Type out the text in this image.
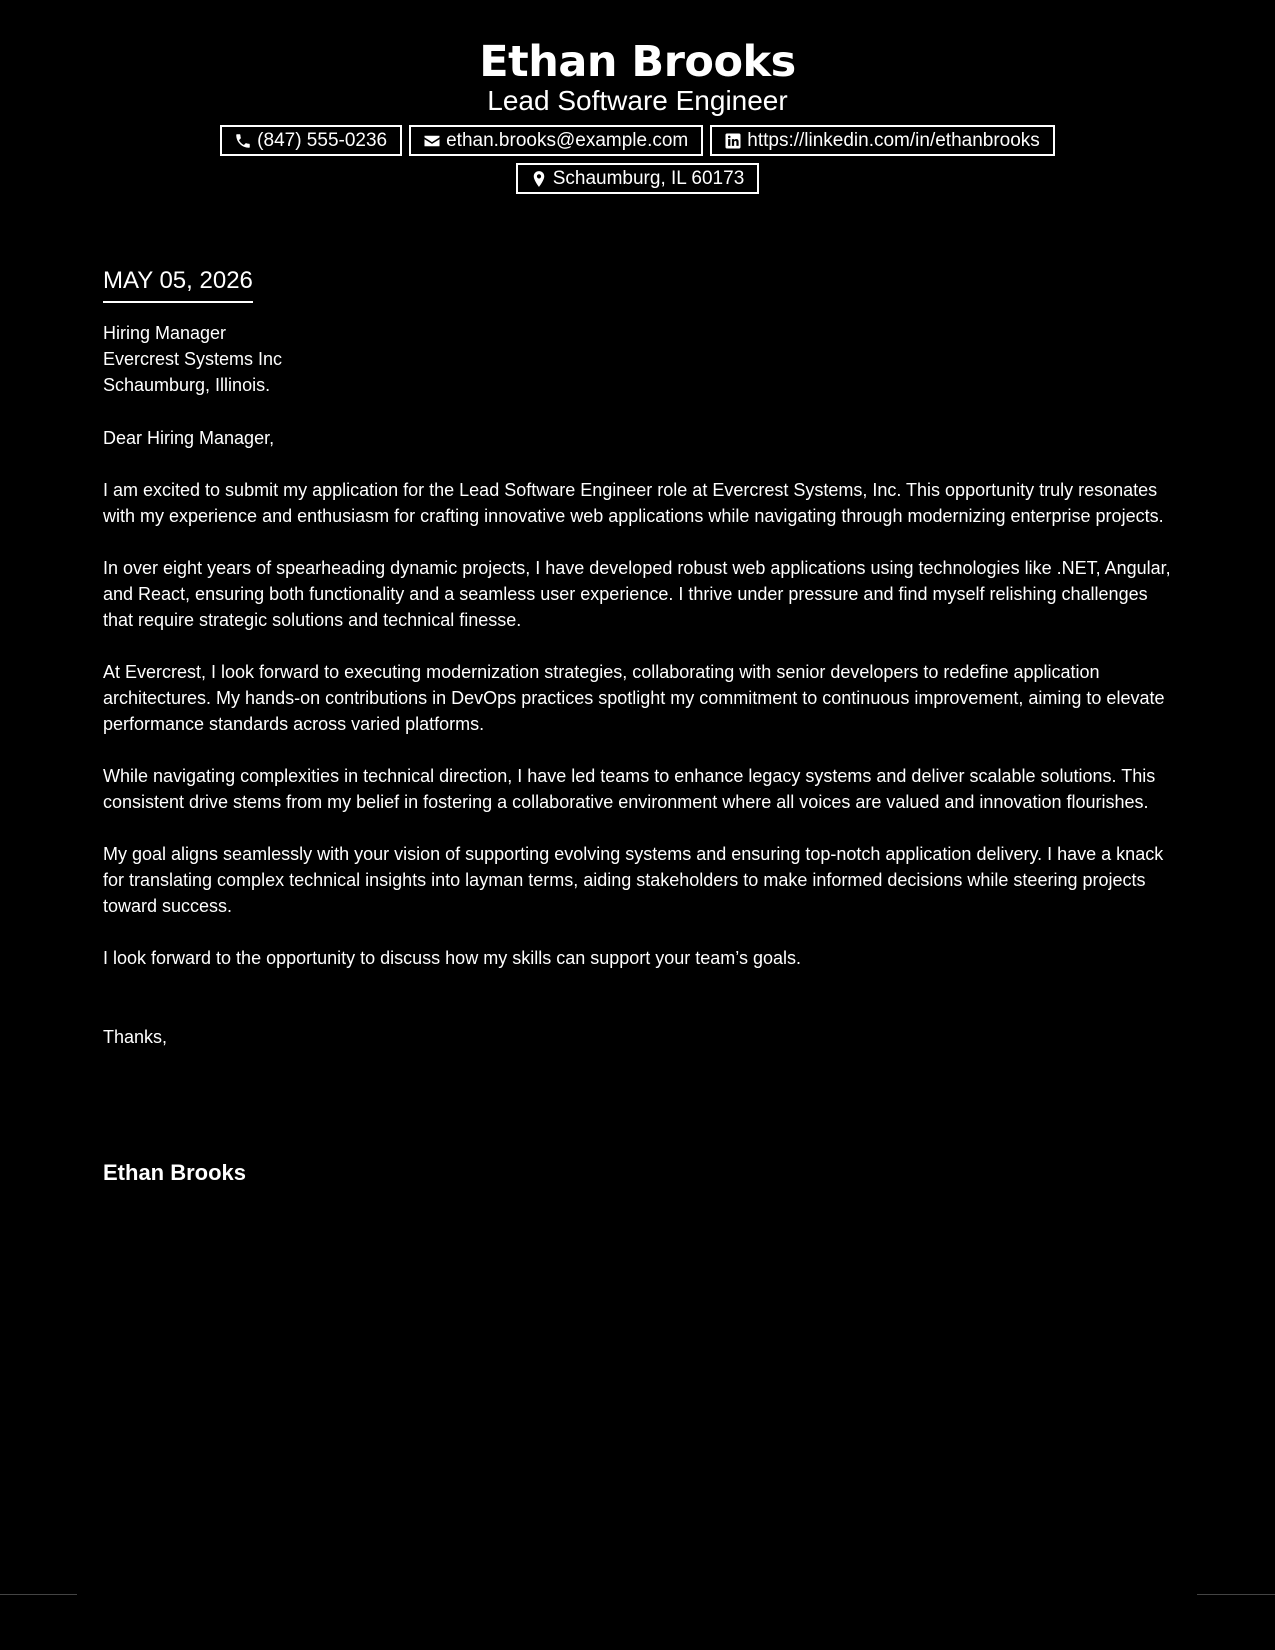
Ethan Brooks
Lead Software Engineer
(847) 555-0236	ethan.brooks@example.com	https://linkedin.com/in/ethanbrooks
Schaumburg, IL 60173
MAY 05, 2026
Hiring Manager
Evercrest Systems Inc
Schaumburg, Illinois.
Dear Hiring Manager,
I am excited to submit my application for the Lead Software Engineer role at Evercrest Systems, Inc. This opportunity truly resonates with my experience and enthusiasm for crafting innovative web applications while navigating through modernizing enterprise projects.
In over eight years of spearheading dynamic projects, I have developed robust web applications using technologies like .NET, Angular, and React, ensuring both functionality and a seamless user experience. I thrive under pressure and find myself relishing challenges that require strategic solutions and technical finesse.
At Evercrest, I look forward to executing modernization strategies, collaborating with senior developers to redefine application architectures. My hands-on contributions in DevOps practices spotlight my commitment to continuous improvement, aiming to elevate performance standards across varied platforms.
While navigating complexities in technical direction, I have led teams to enhance legacy systems and deliver scalable solutions. This consistent drive stems from my belief in fostering a collaborative environment where all voices are valued and innovation flourishes.
My goal aligns seamlessly with your vision of supporting evolving systems and ensuring top-notch application delivery. I have a knack for translating complex technical insights into layman terms, aiding stakeholders to make informed decisions while steering projects toward success.
I look forward to the opportunity to discuss how my skills can support your team’s goals.
Thanks,
Ethan Brooks
